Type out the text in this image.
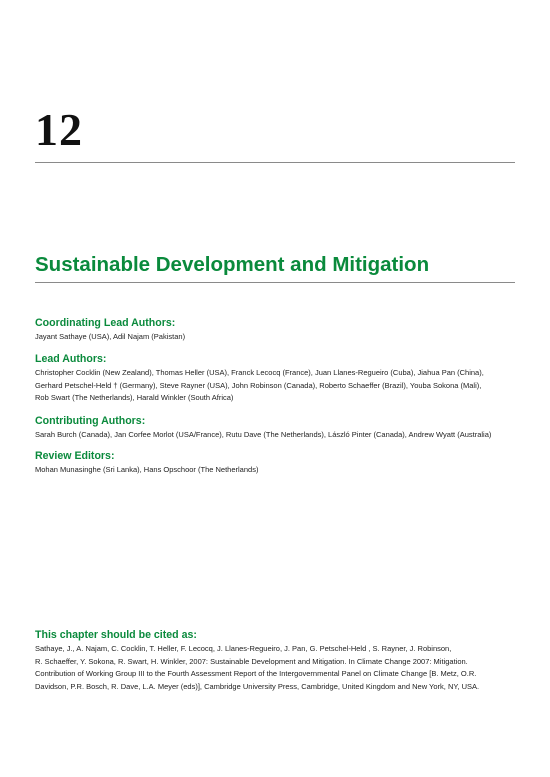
12
Sustainable Development and Mitigation
Coordinating Lead Authors:
Jayant Sathaye (USA), Adil Najam (Pakistan)
Lead Authors:
Christopher Cocklin (New Zealand), Thomas Heller (USA), Franck Lecocq (France), Juan Llanes-Regueiro (Cuba), Jiahua Pan (China),
Gerhard Petschel-Held † (Germany), Steve Rayner (USA), John Robinson (Canada), Roberto Schaeffer (Brazil), Youba Sokona (Mali),
Rob Swart (The Netherlands), Harald Winkler (South Africa)
Contributing Authors:
Sarah Burch (Canada), Jan Corfee Morlot (USA/France), Rutu Dave (The Netherlands), László Pinter (Canada), Andrew Wyatt (Australia)
Review Editors:
Mohan Munasinghe (Sri Lanka), Hans Opschoor (The Netherlands)
This chapter should be cited as:
Sathaye, J., A. Najam, C. Cocklin, T. Heller, F. Lecocq, J. Llanes-Regueiro, J. Pan, G. Petschel-Held , S. Rayner, J. Robinson,
R. Schaeffer, Y. Sokona, R. Swart, H. Winkler, 2007: Sustainable Development and Mitigation. In Climate Change 2007: Mitigation.
Contribution of Working Group III to the Fourth Assessment Report of the Intergovernmental Panel on Climate Change [B. Metz, O.R.
Davidson, P.R. Bosch, R. Dave, L.A. Meyer (eds)], Cambridge University Press, Cambridge, United Kingdom and New York, NY, USA.
